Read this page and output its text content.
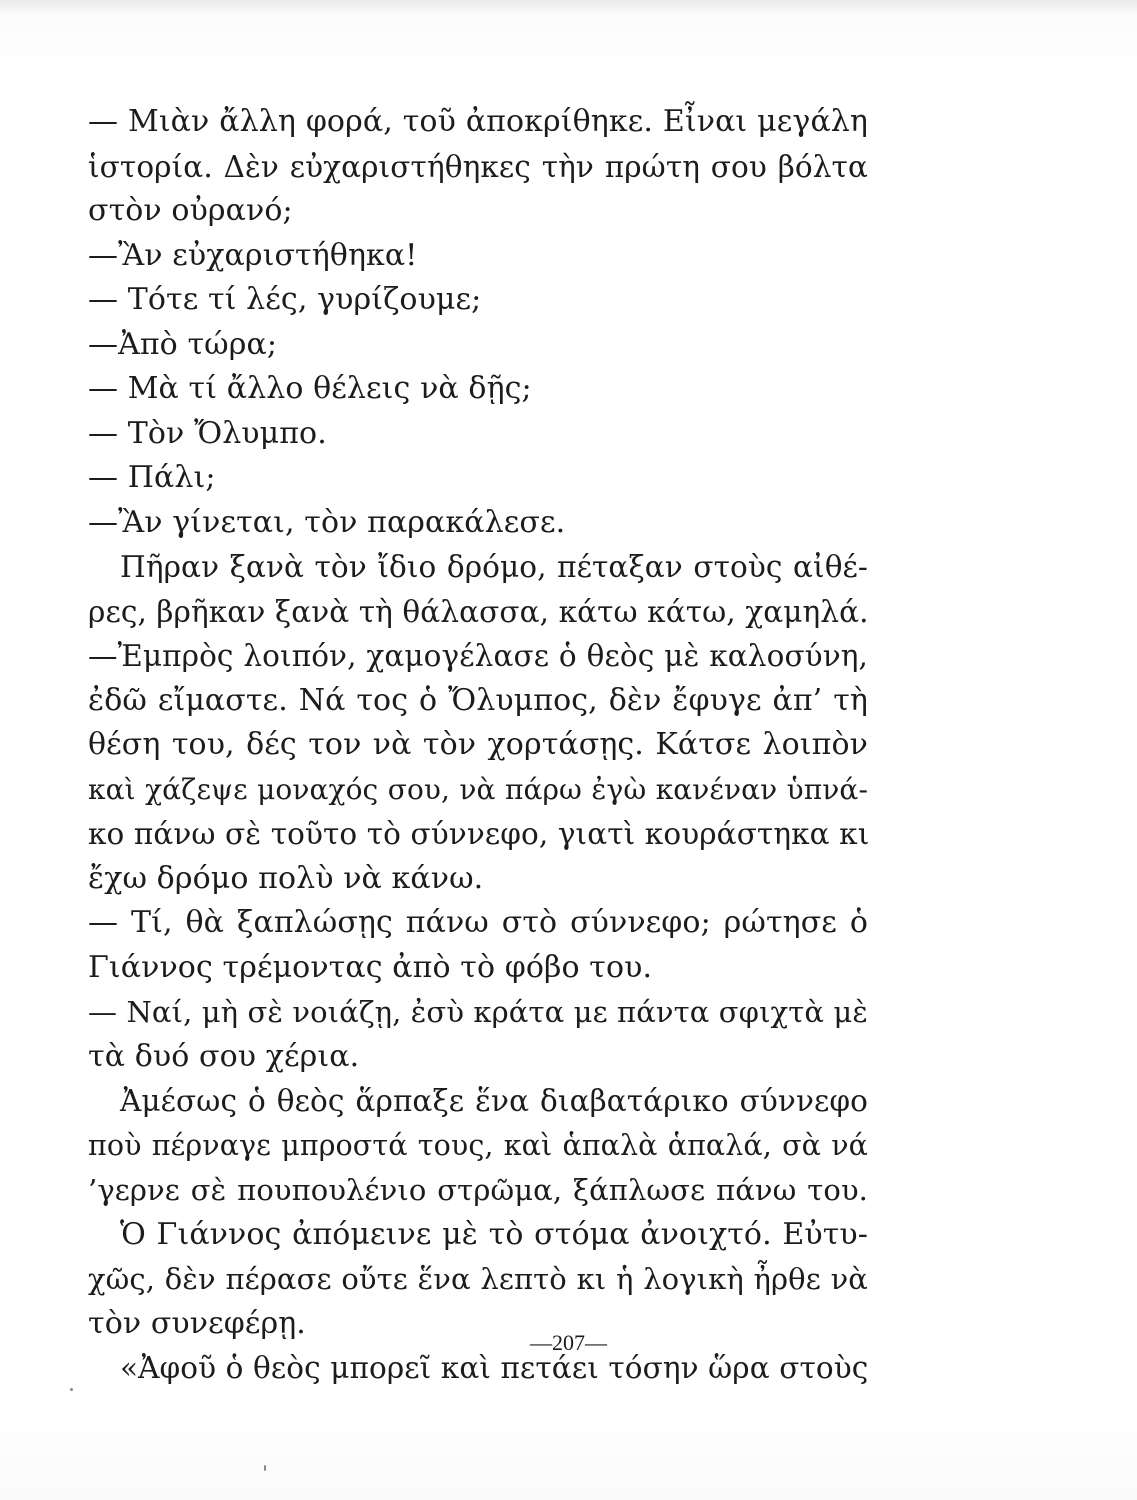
— Μιὰν ἄλλη φορά, τοῦ ἀποκρίθηκε. Εἶναι μεγάλη
ἱστορία. Δὲν εὐχαριστήθηκες τὴν πρώτη σου βόλτα
στὸν οὐρανό;
—Ἂν εὐχαριστήθηκα!
— Τότε τί λές, γυρίζουμε;
—Ἀπὸ τώρα;
— Μὰ τί ἄλλο θέλεις νὰ δῇς;
— Τὸν Ὄλυμπο.
— Πάλι;
—Ἂν γίνεται, τὸν παρακάλεσε.
Πῆραν ξανὰ τὸν ἴδιο δρόμο, πέταξαν στοὺς αἰθέ-
ρες, βρῆκαν ξανὰ τὴ θάλασσα, κάτω κάτω, χαμηλά.
—Ἐμπρὸς λοιπόν, χαμογέλασε ὁ θεὸς μὲ καλοσύνη,
ἐδῶ εἴμαστε. Νά τος ὁ Ὄλυμπος, δὲν ἔφυγε ἀπ’ τὴ
θέση του, δές τον νὰ τὸν χορτάσῃς. Κάτσε λοιπὸν
καὶ χάζεψε μοναχός σου, νὰ πάρω ἐγὼ κανέναν ὑπνά-
κο πάνω σὲ τοῦτο τὸ σύννεφο, γιατὶ κουράστηκα κι
ἔχω δρόμο πολὺ νὰ κάνω.
— Τί, θὰ ξαπλώσῃς πάνω στὸ σύννεφο; ρώτησε ὁ
Γιάννος τρέμοντας ἀπὸ τὸ φόβο του.
— Ναί, μὴ σὲ νοιάζῃ, ἐσὺ κράτα με πάντα σφιχτὰ μὲ
τὰ δυό σου χέρια.
Ἀμέσως ὁ θεὸς ἅρπαξε ἕνα διαβατάρικο σύννεφο
ποὺ πέρναγε μπροστά τους, καὶ ἁπαλὰ ἁπαλά, σὰ νά
’γερνε σὲ πουπουλένιο στρῶμα, ξάπλωσε πάνω του.
Ὁ Γιάννος ἀπόμεινε μὲ τὸ στόμα ἀνοιχτό. Εὐτυ-
χῶς, δὲν πέρασε οὔτε ἕνα λεπτὸ κι ἡ λογικὴ ἦρθε νὰ
τὸν συνεφέρῃ.
«Ἀφοῦ ὁ θεὸς μπορεῖ καὶ πετάει τόσην ὥρα στοὺς
—207—
